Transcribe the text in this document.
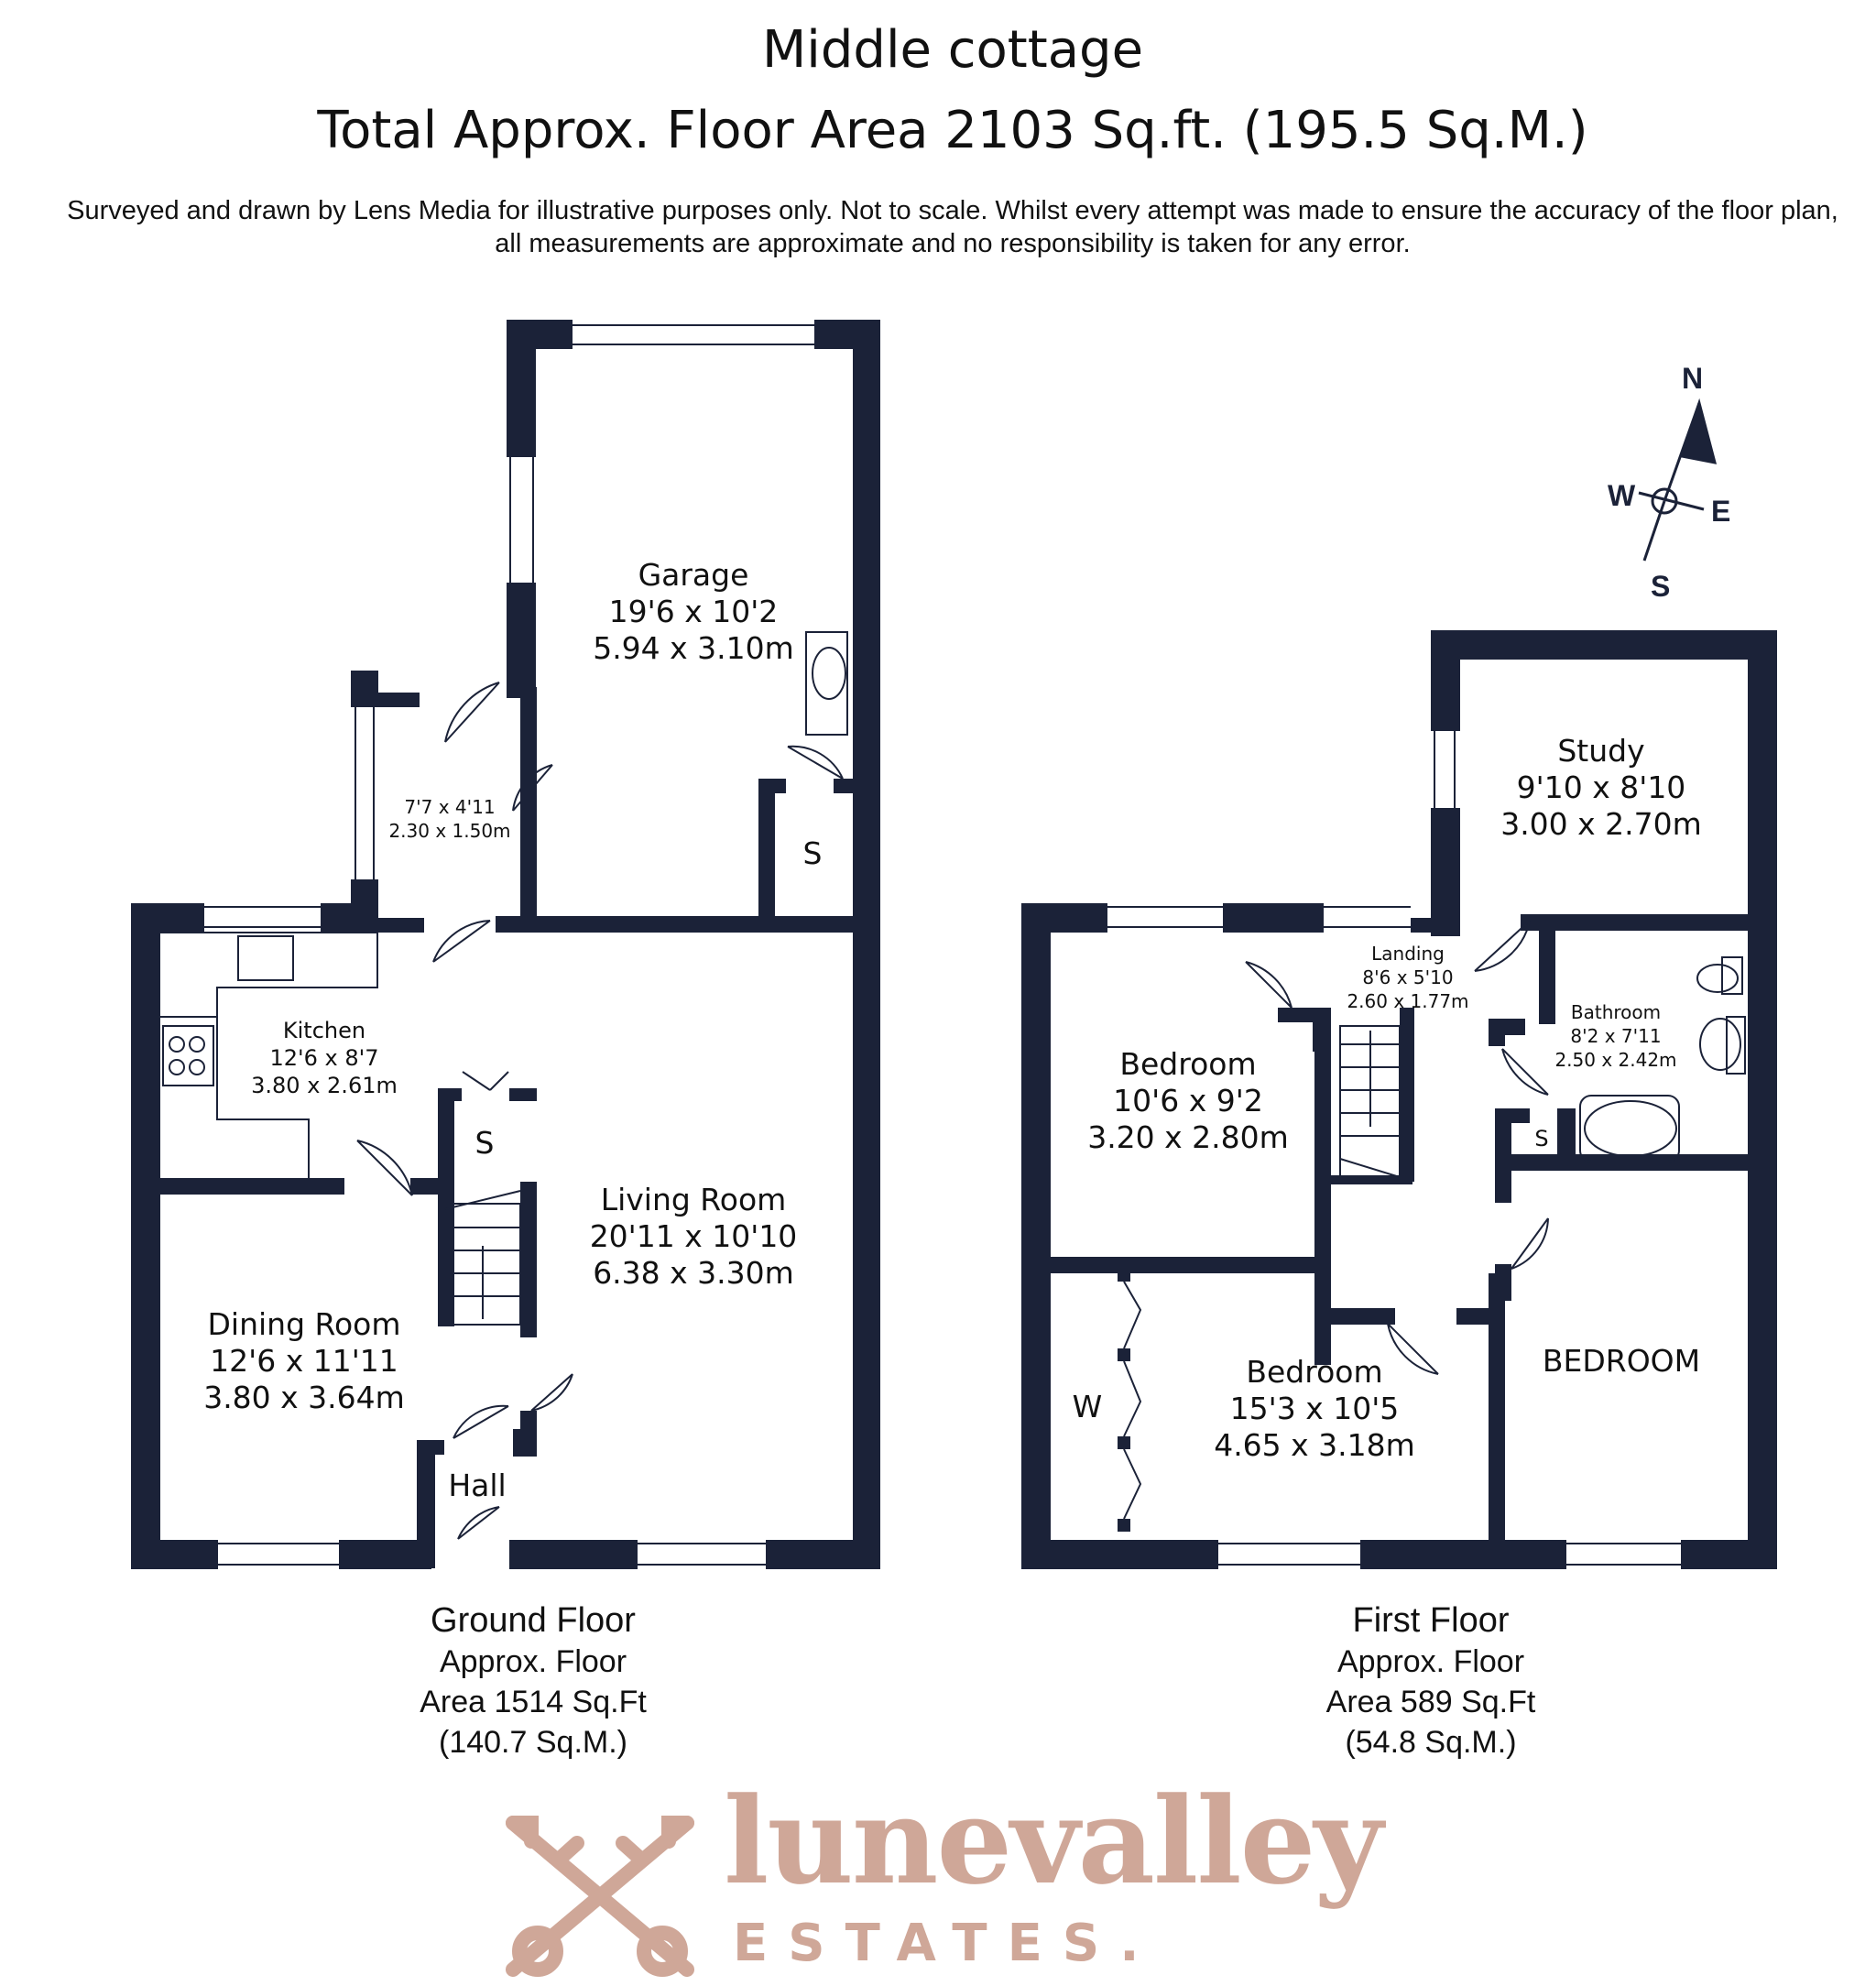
Middle cottage
Total Approx. Floor Area 2103 Sq.ft. (195.5 Sq.M.)
Surveyed and drawn by Lens Media for illustrative purposes only. Not to scale. Whilst every attempt was made to ensure the accuracy of the floor plan,
all measurements are approximate and no responsibility is taken for any error.
N
W	E
S
Garage
19'6 x 10'2
5.94 x 3.10m
7'7 x 4'11
2.30 x 1.50m
S
Kitchen
12'6 x 8'7
3.80 x 2.61m
S
Living Room
20'11 x 10'10
6.38 x 3.30m
Dining Room
12'6 x 11'11
3.80 x 3.64m
Hall
Study
9'10 x 8'10
3.00 x 2.70m
Landing
8'6 x 5'10
2.60 x 1.77m	Bathroom
8'2 x 7'11
2.50 x 2.42m
Bedroom
10'6 x 9'2
3.20 x 2.80m	S
Bedroom
15'3 x 10'5
4.65 x 3.18m
W
BEDROOM
Ground Floor
Approx. Floor
Area 1514 Sq.Ft
(140.7 Sq.M.)
First Floor
Approx. Floor
Area 589 Sq.Ft
(54.8 Sq.M.)
lunevalley
ESTATES.
